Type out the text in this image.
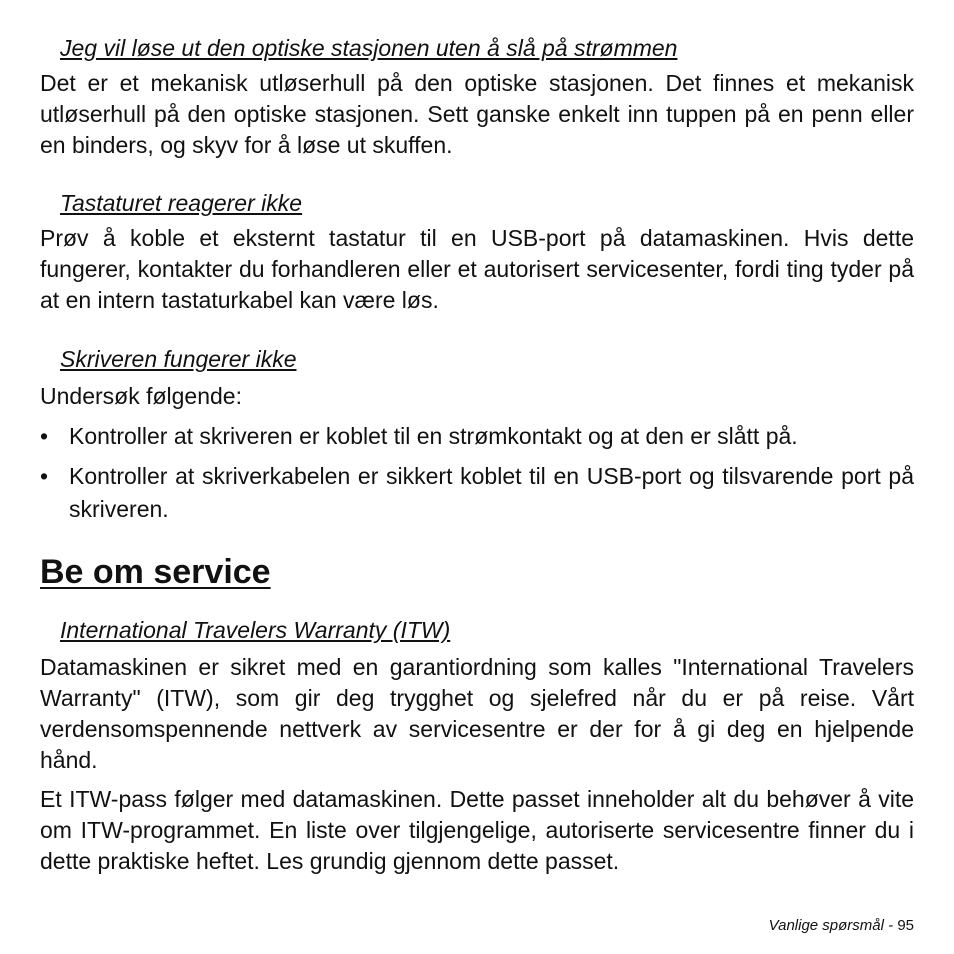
Jeg vil løse ut den optiske stasjonen uten å slå på strømmen

Det er et mekanisk utløserhull på den optiske stasjonen. Det finnes et mekanisk utløserhull på den optiske stasjonen. Sett ganske enkelt inn tuppen på en penn eller en binders, og skyv for å løse ut skuffen.

Tastaturet reagerer ikke

Prøv å koble et eksternt tastatur til en USB-port på datamaskinen. Hvis dette fungerer, kontakter du forhandleren eller et autorisert servicesenter, fordi ting tyder på at en intern tastaturkabel kan være løs.

Skriveren fungerer ikke

Undersøk følgende:

• Kontroller at skriveren er koblet til en strømkontakt og at den er slått på.
• Kontroller at skriverkabelen er sikkert koblet til en USB-port og tilsvarende port på skriveren.
Be om service
International Travelers Warranty (ITW)

Datamaskinen er sikret med en garantiordning som kalles "International Travelers Warranty" (ITW), som gir deg trygghet og sjelefred når du er på reise. Vårt verdensomspennende nettverk av servicesentre er der for å gi deg en hjelpende hånd.

Et ITW-pass følger med datamaskinen. Dette passet inneholder alt du behøver å vite om ITW-programmet. En liste over tilgjengelige, autoriserte servicesentre finner du i dette praktiske heftet. Les grundig gjennom dette passet.

Vanlige spørsmål - 95
